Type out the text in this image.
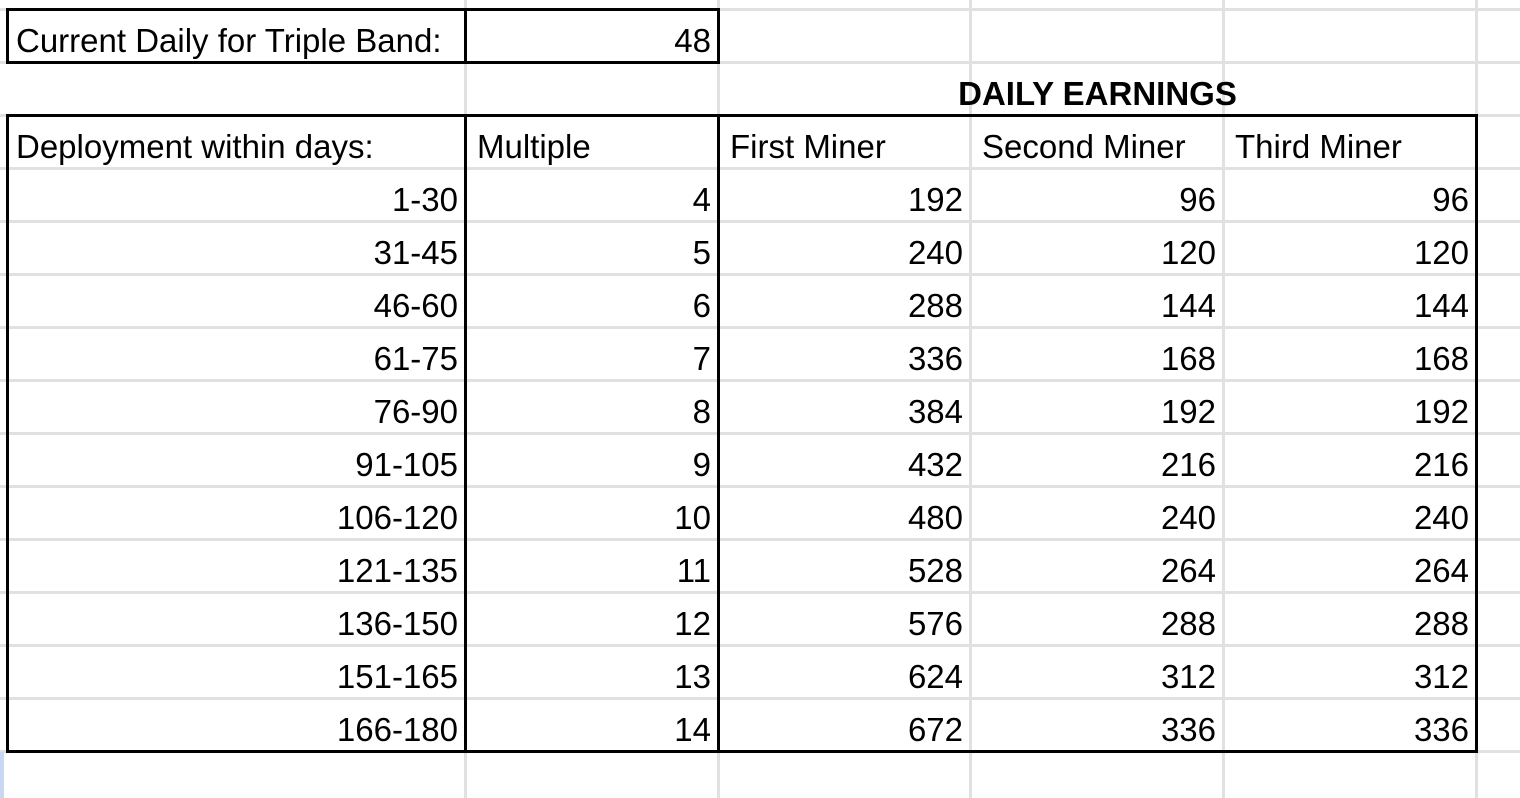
Current Daily for Triple Band:	48
DAILY EARNINGS
Deployment within days:	Multiple	First Miner	Second Miner	Third Miner
1-30	4	192	96	96
31-45	5	240	120	120
46-60	6	288	144	144
61-75	7	336	168	168
76-90	8	384	192	192
91-105	9	432	216	216
106-120	10	480	240	240
121-135	11	528	264	264
136-150	12	576	288	288
151-165	13	624	312	312
166-180	14	672	336	336
